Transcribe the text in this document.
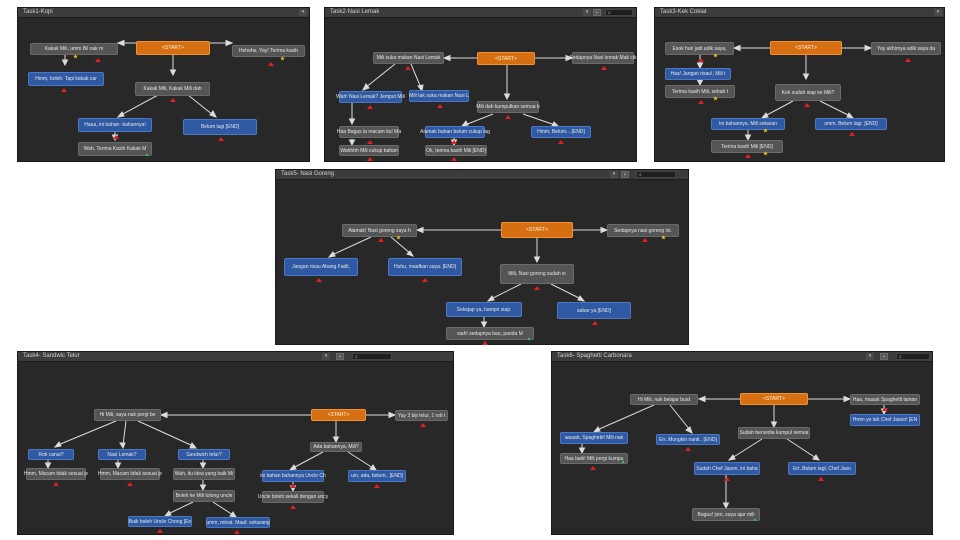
Task1-Kopi	▾
<START>
Kakak Mili, umm Bil nak m	Hehehe, Yay! Terima kasih
Hmm, boleh. Tapi kakak car
Kakak Mili, Kakak Mili dah
Haaa, ini bahan- bahannya!	Belum lagi [END]
Wah, Terima Kasih Kakak M
Task2-Nasi Lemak	▾	+	⌕
<START>
Mili suka makan Nasi Lemak	Sedapnya Nasi lemak Mak cik
Wah! Nasi Lemak? Jemput Mili Mili tak suka makan Nasi L
Mili dah kumpulkan semua b
Haa Bagus la macam itu! Ma	Alamak bahan belum cukup lag	Hmm, Belum... [END]
Wahhhh Mili cukup bahan	Ok, terima kasih Mili [END]
Task3-Kek Coklat	▾
<START>
Esok hari jadi adik saya,	Yay akhirnya adik saya da
Haa! Jangan risau!, Mili t
Terima kasih Mili, sebab t	Kek sudah siap ke Mili?
Ini bahannya, Mili sekaran	umm, Belum lagi. [END]
Terima kasih Mili [END]
Task5- Nasi Goreng	▾	+	⌕
<START>
Alamak! Nasi goreng saya h	Sedapnya nasi goreng ini.
Jangan risau Abang Fadil,	Huhu, maafkan saya. [END]
Mili, Nasi goreng sudah si
Sekejap ya, hampir siap.	sabar ya [END]
wah! sedapnya bau, panda M
Task4- Sandwic Telur	▾	+	⌕
<START>
Hi Mili, saya nak pergi be	Yay 3 biji telur, 1 roti t
Roti canai?	Nasi Lemak?	Sandwich telur?
Ada bahannya, Mili?
Hmm, Macam tidak sesuai je Hmm, Macam tidak sesuai je	Wah, itu idea yang baik Mi	ini bahan bahannya Uncle Ch	um, ada, belum.. [END]
Boleh ke Mili tolong uncle
Baik boleh Uncle Chong [En	umm, minat. Maaf. sekarang
Uncle boleh sekali dengan uncy
Task6- Spaghetti Carbonara	▾	+	⌕
<START>
Hi Mili, nak belajar buat	Haa, masak Spaghetti laman
waaah, Spaghetti! Mili nak	Err..Mungkin nanti.. [END]
Hmm ye lah Chef Jason! [EN
Sudah bersedia kumpul semua
Haa baik! Mili pergi kumpu
Sudah Chef Jason, ini baha	Err..Belum lagi, Chef Jaso
Bagus! jom, saya ajar mili
